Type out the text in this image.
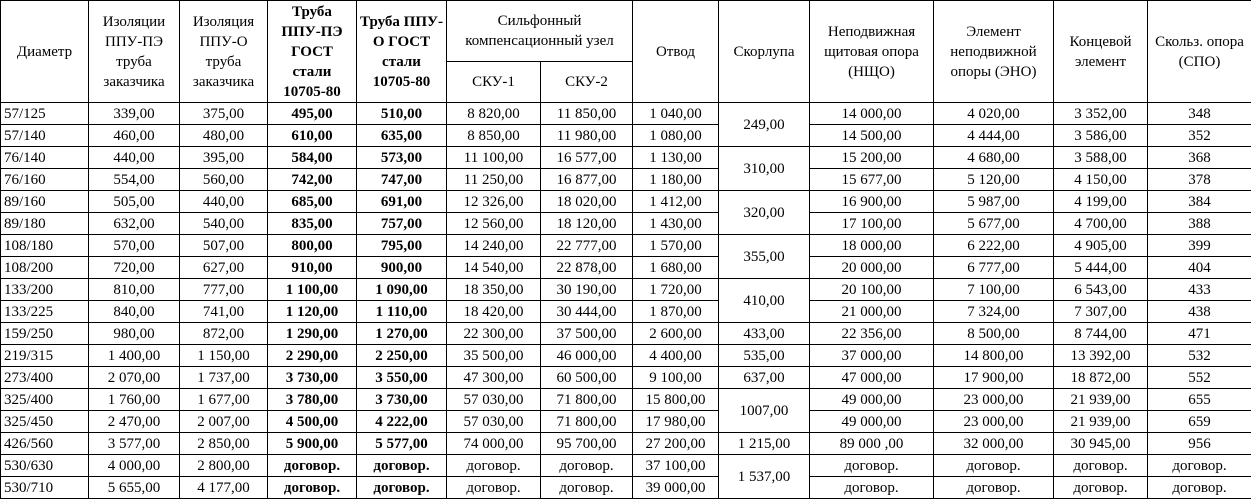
Диаметр	Изоляции ППУ-ПЭ труба заказчика	Изоляция ППУ-О труба заказчика	Труба ППУ-ПЭ ГОСТ стали 10705-80	Труба ППУ-О ГОСТ стали 10705-80	Сильфонный компенсационный узел		Отвод	Скорлупа	Неподвижная щитовая опора (НЩО)	Элемент неподвижной опоры (ЭНО)	Концевой элемент	Скольз. опора (СПО)
					СКУ-1	СКУ-2						
57/125	339,00	375,00	495,00	510,00	8 820,00	11 850,00	1 040,00	249,00	14 000,00	4 020,00	3 352,00	348
57/140	460,00	480,00	610,00	635,00	8 850,00	11 980,00	1 080,00		14 500,00	4 444,00	3 586,00	352
76/140	440,00	395,00	584,00	573,00	11 100,00	16 577,00	1 130,00	310,00	15 200,00	4 680,00	3 588,00	368
76/160	554,00	560,00	742,00	747,00	11 250,00	16 877,00	1 180,00		15 677,00	5 120,00	4 150,00	378
89/160	505,00	440,00	685,00	691,00	12 326,00	18 020,00	1 412,00	320,00	16 900,00	5 987,00	4 199,00	384
89/180	632,00	540,00	835,00	757,00	12 560,00	18 120,00	1 430,00		17 100,00	5 677,00	4 700,00	388
108/180	570,00	507,00	800,00	795,00	14 240,00	22 777,00	1 570,00	355,00	18 000,00	6 222,00	4 905,00	399
108/200	720,00	627,00	910,00	900,00	14 540,00	22 878,00	1 680,00		20 000,00	6 777,00	5 444,00	404
133/200	810,00	777,00	1 100,00	1 090,00	18 350,00	30 190,00	1 720,00	410,00	20 100,00	7 100,00	6 543,00	433
133/225	840,00	741,00	1 120,00	1 110,00	18 420,00	30 444,00	1 870,00		21 000,00	7 324,00	7 307,00	438
159/250	980,00	872,00	1 290,00	1 270,00	22 300,00	37 500,00	2 600,00	433,00	22 356,00	8 500,00	8 744,00	471
219/315	1 400,00	1 150,00	2 290,00	2 250,00	35 500,00	46 000,00	4 400,00	535,00	37 000,00	14 800,00	13 392,00	532
273/400	2 070,00	1 737,00	3 730,00	3 550,00	47 300,00	60 500,00	9 100,00	637,00	47 000,00	17 900,00	18 872,00	552
325/400	1 760,00	1 677,00	3 780,00	3 730,00	57 030,00	71 800,00	15 800,00	1007,00	49 000,00	23 000,00	21 939,00	655
325/450	2 470,00	2 007,00	4 500,00	4 222,00	57 030,00	71 800,00	17 980,00		49 000,00	23 000,00	21 939,00	659
426/560	3 577,00	2 850,00	5 900,00	5 577,00	74 000,00	95 700,00	27 200,00	1 215,00	89 000 ,00	32 000,00	30 945,00	956
530/630	4 000,00	2 800,00	договор.	договор.	договор.	договор.	37 100,00	1 537,00	договор.	договор.	договор.	договор.
530/710	5 655,00	4 177,00	договор.	договор.	договор.	договор.	39 000,00		договор.	договор.	договор.	договор.
